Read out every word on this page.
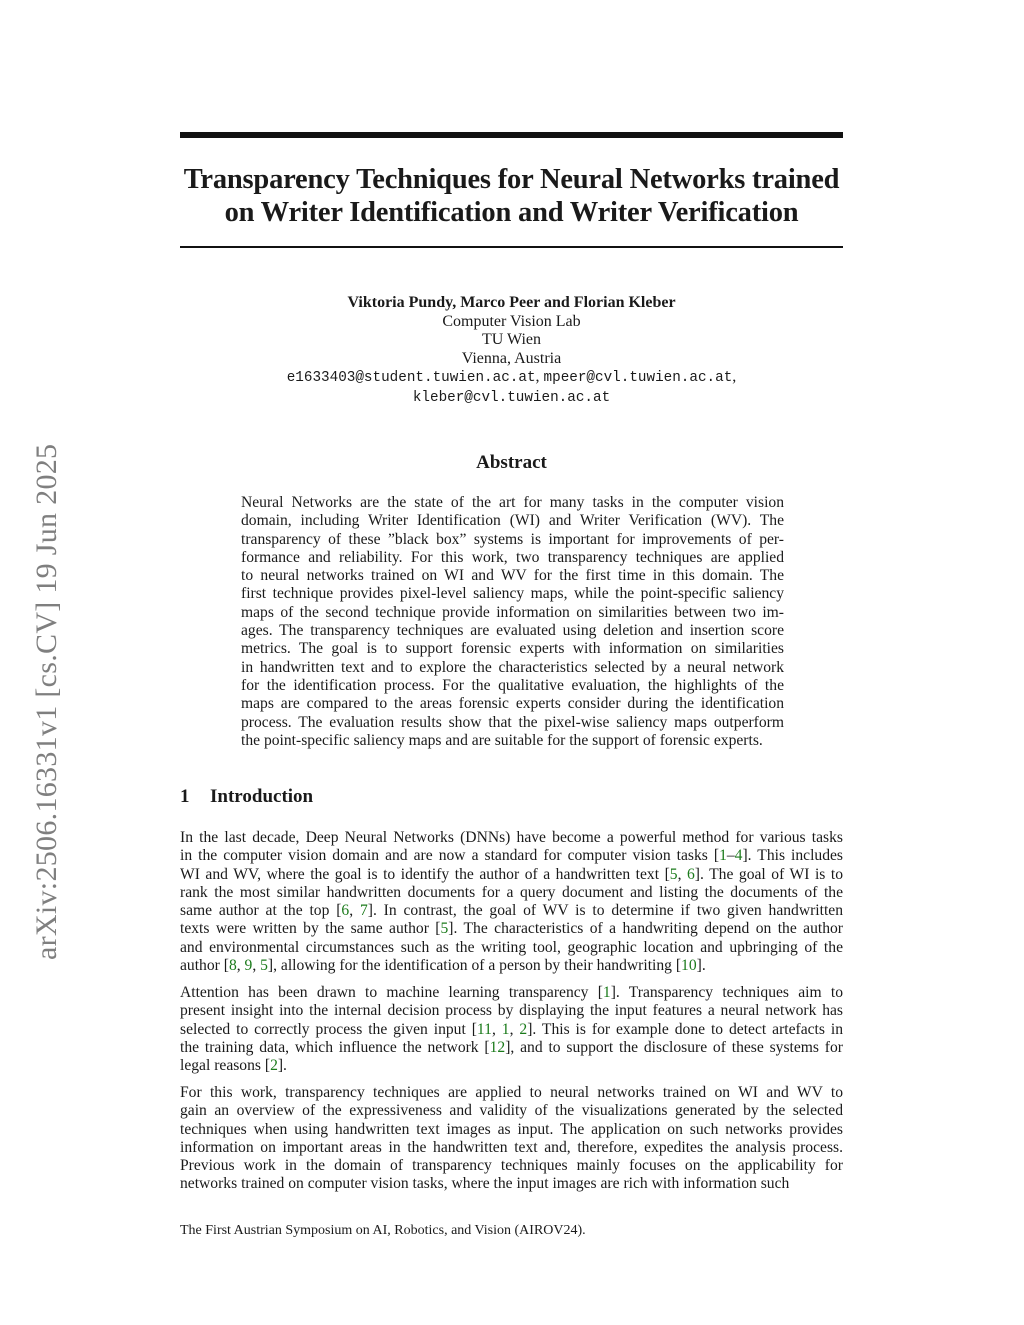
arXiv:2506.16331v1 [cs.CV] 19 Jun 2025
Transparency Techniques for Neural Networks trained
on Writer Identification and Writer Verification
Viktoria Pundy, Marco Peer and Florian Kleber
Computer Vision Lab
TU Wien
Vienna, Austria
e1633403@student.tuwien.ac.at, mpeer@cvl.tuwien.ac.at,
kleber@cvl.tuwien.ac.at
Abstract
Neural Networks are the state of the art for many tasks in the computer vision
domain, including Writer Identification (WI) and Writer Verification (WV). The
transparency of these ”black box” systems is important for improvements of per-
formance and reliability. For this work, two transparency techniques are applied
to neural networks trained on WI and WV for the first time in this domain. The
first technique provides pixel-level saliency maps, while the point-specific saliency
maps of the second technique provide information on similarities between two im-
ages. The transparency techniques are evaluated using deletion and insertion score
metrics. The goal is to support forensic experts with information on similarities
in handwritten text and to explore the characteristics selected by a neural network
for the identification process. For the qualitative evaluation, the highlights of the
maps are compared to the areas forensic experts consider during the identification
process. The evaluation results show that the pixel-wise saliency maps outperform
the point-specific saliency maps and are suitable for the support of forensic experts.
1 Introduction
In the last decade, Deep Neural Networks (DNNs) have become a powerful method for various tasks
in the computer vision domain and are now a standard for computer vision tasks [1–4]. This includes
WI and WV, where the goal is to identify the author of a handwritten text [5, 6]. The goal of WI is to
rank the most similar handwritten documents for a query document and listing the documents of the
same author at the top [6, 7]. In contrast, the goal of WV is to determine if two given handwritten
texts were written by the same author [5]. The characteristics of a handwriting depend on the author
and environmental circumstances such as the writing tool, geographic location and upbringing of the
author [8, 9, 5], allowing for the identification of a person by their handwriting [10].
Attention has been drawn to machine learning transparency [1]. Transparency techniques aim to
present insight into the internal decision process by displaying the input features a neural network has
selected to correctly process the given input [11, 1, 2]. This is for example done to detect artefacts in
the training data, which influence the network [12], and to support the disclosure of these systems for
legal reasons [2].
For this work, transparency techniques are applied to neural networks trained on WI and WV to
gain an overview of the expressiveness and validity of the visualizations generated by the selected
techniques when using handwritten text images as input. The application on such networks provides
information on important areas in the handwritten text and, therefore, expedites the analysis process.
Previous work in the domain of transparency techniques mainly focuses on the applicability for
networks trained on computer vision tasks, where the input images are rich with information such
The First Austrian Symposium on AI, Robotics, and Vision (AIROV24).
